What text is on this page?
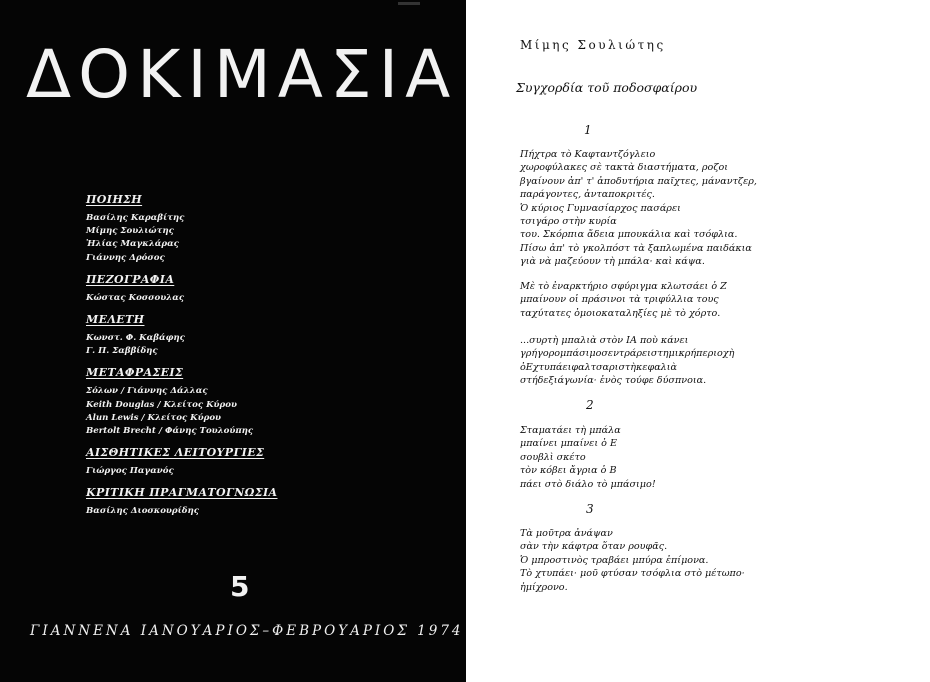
ΔΟΚΙΜΑΣΙΑ
ΠΟΙΗΣΗ
Βασίλης Καραβίτης
Μίμης Σουλιώτης
Ἠλίας Μαγκλάρας
Γιάννης Δρόσος
ΠΕΖΟΓΡΑΦΙΑ
Κώστας Κοσσουλας
ΜΕΛΕΤΗ
Κωνστ. Φ. Καβάφης
Γ. Π. Σαββίδης
ΜΕΤΑΦΡΑΣΕΙΣ
Σόλων / Γιάννης Δάλλας
Keith Douglas / Κλείτος Κύρου
Alun Lewis / Κλείτος Κύρου
Bertolt Brecht / Φάνης Τουλούπης
ΑΙΣΘΗΤΙΚΕΣ ΛΕΙΤΟΥΡΓΙΕΣ
Γιώργος Παγανός
ΚΡΙΤΙΚΗ ΠΡΑΓΜΑΤΟΓΝΩΣΙΑ
Βασίλης Διοσκουρίδης
5
ΓΙΑΝΝΕΝΑ ΙΑΝΟΥΑΡΙΟΣ–ΦΕΒΡΟΥΑΡΙΟΣ 1974
Μίμης Σουλιώτης
Συγχορδία τοῦ ποδοσφαίρου
1
Πήχτρα τὸ Καφταντζόγλειο
χωροφύλακες σὲ τακτὰ διαστήματα, ροζοι
βγαίνουν ἀπ' τ' ἀποδυτήρια παῖχτες, μάναντζερ,
παράγοντες, ἀνταποκριτές.
Ὁ κύριος Γυμνασίαρχος πασάρει
τσιγάρο στὴν κυρία
του. Σκόρπια ἄδεια μπουκάλια καὶ τσόφλια.
Πίσω ἀπ' τὸ γκολπόστ τὰ ξαπλωμένα παιδάκια
γιὰ νὰ μαζεύουν τὴ μπάλα· καὶ κάψα.
Μὲ τὸ ἐναρκτήριο σφύριγμα κλωτσάει ὁ Ζ
μπαίνουν οἱ πράσινοι τὰ τριφύλλια τους
ταχύτατες ὁμοιοκαταληξίες μὲ τὸ χόρτο.
...συρτὴ μπαλιὰ στὸν ΙΑ ποὺ κάνει
γρήγορομπάσιμοσεντράρειστημικρήπεριοχὴ
ὁΕχτυπάειφαλτσαριστὴκεφαλιὰ
στήδεξιάγωνία· ἑνὸς τούφε δύσπνοια.
2
Σταματάει τὴ μπάλα
μπαίνει μπαίνει ὁ Ε
σουβλὶ σκέτο
τὸν κόβει ἄγρια ὁ Β
πάει στὸ διάλο τὸ μπάσιμο!
3
Τὰ μοῦτρα ἀνάψαν
σὰν τὴν κάφτρα ὅταν ρουφᾶς.
Ὁ μπροστινὸς τραβάει μπύρα ἐπίμονα.
Τὸ χτυπάει· μοῦ φτύσαν τσόφλια στὸ μέτωπο·
ἠμίχρονο.
